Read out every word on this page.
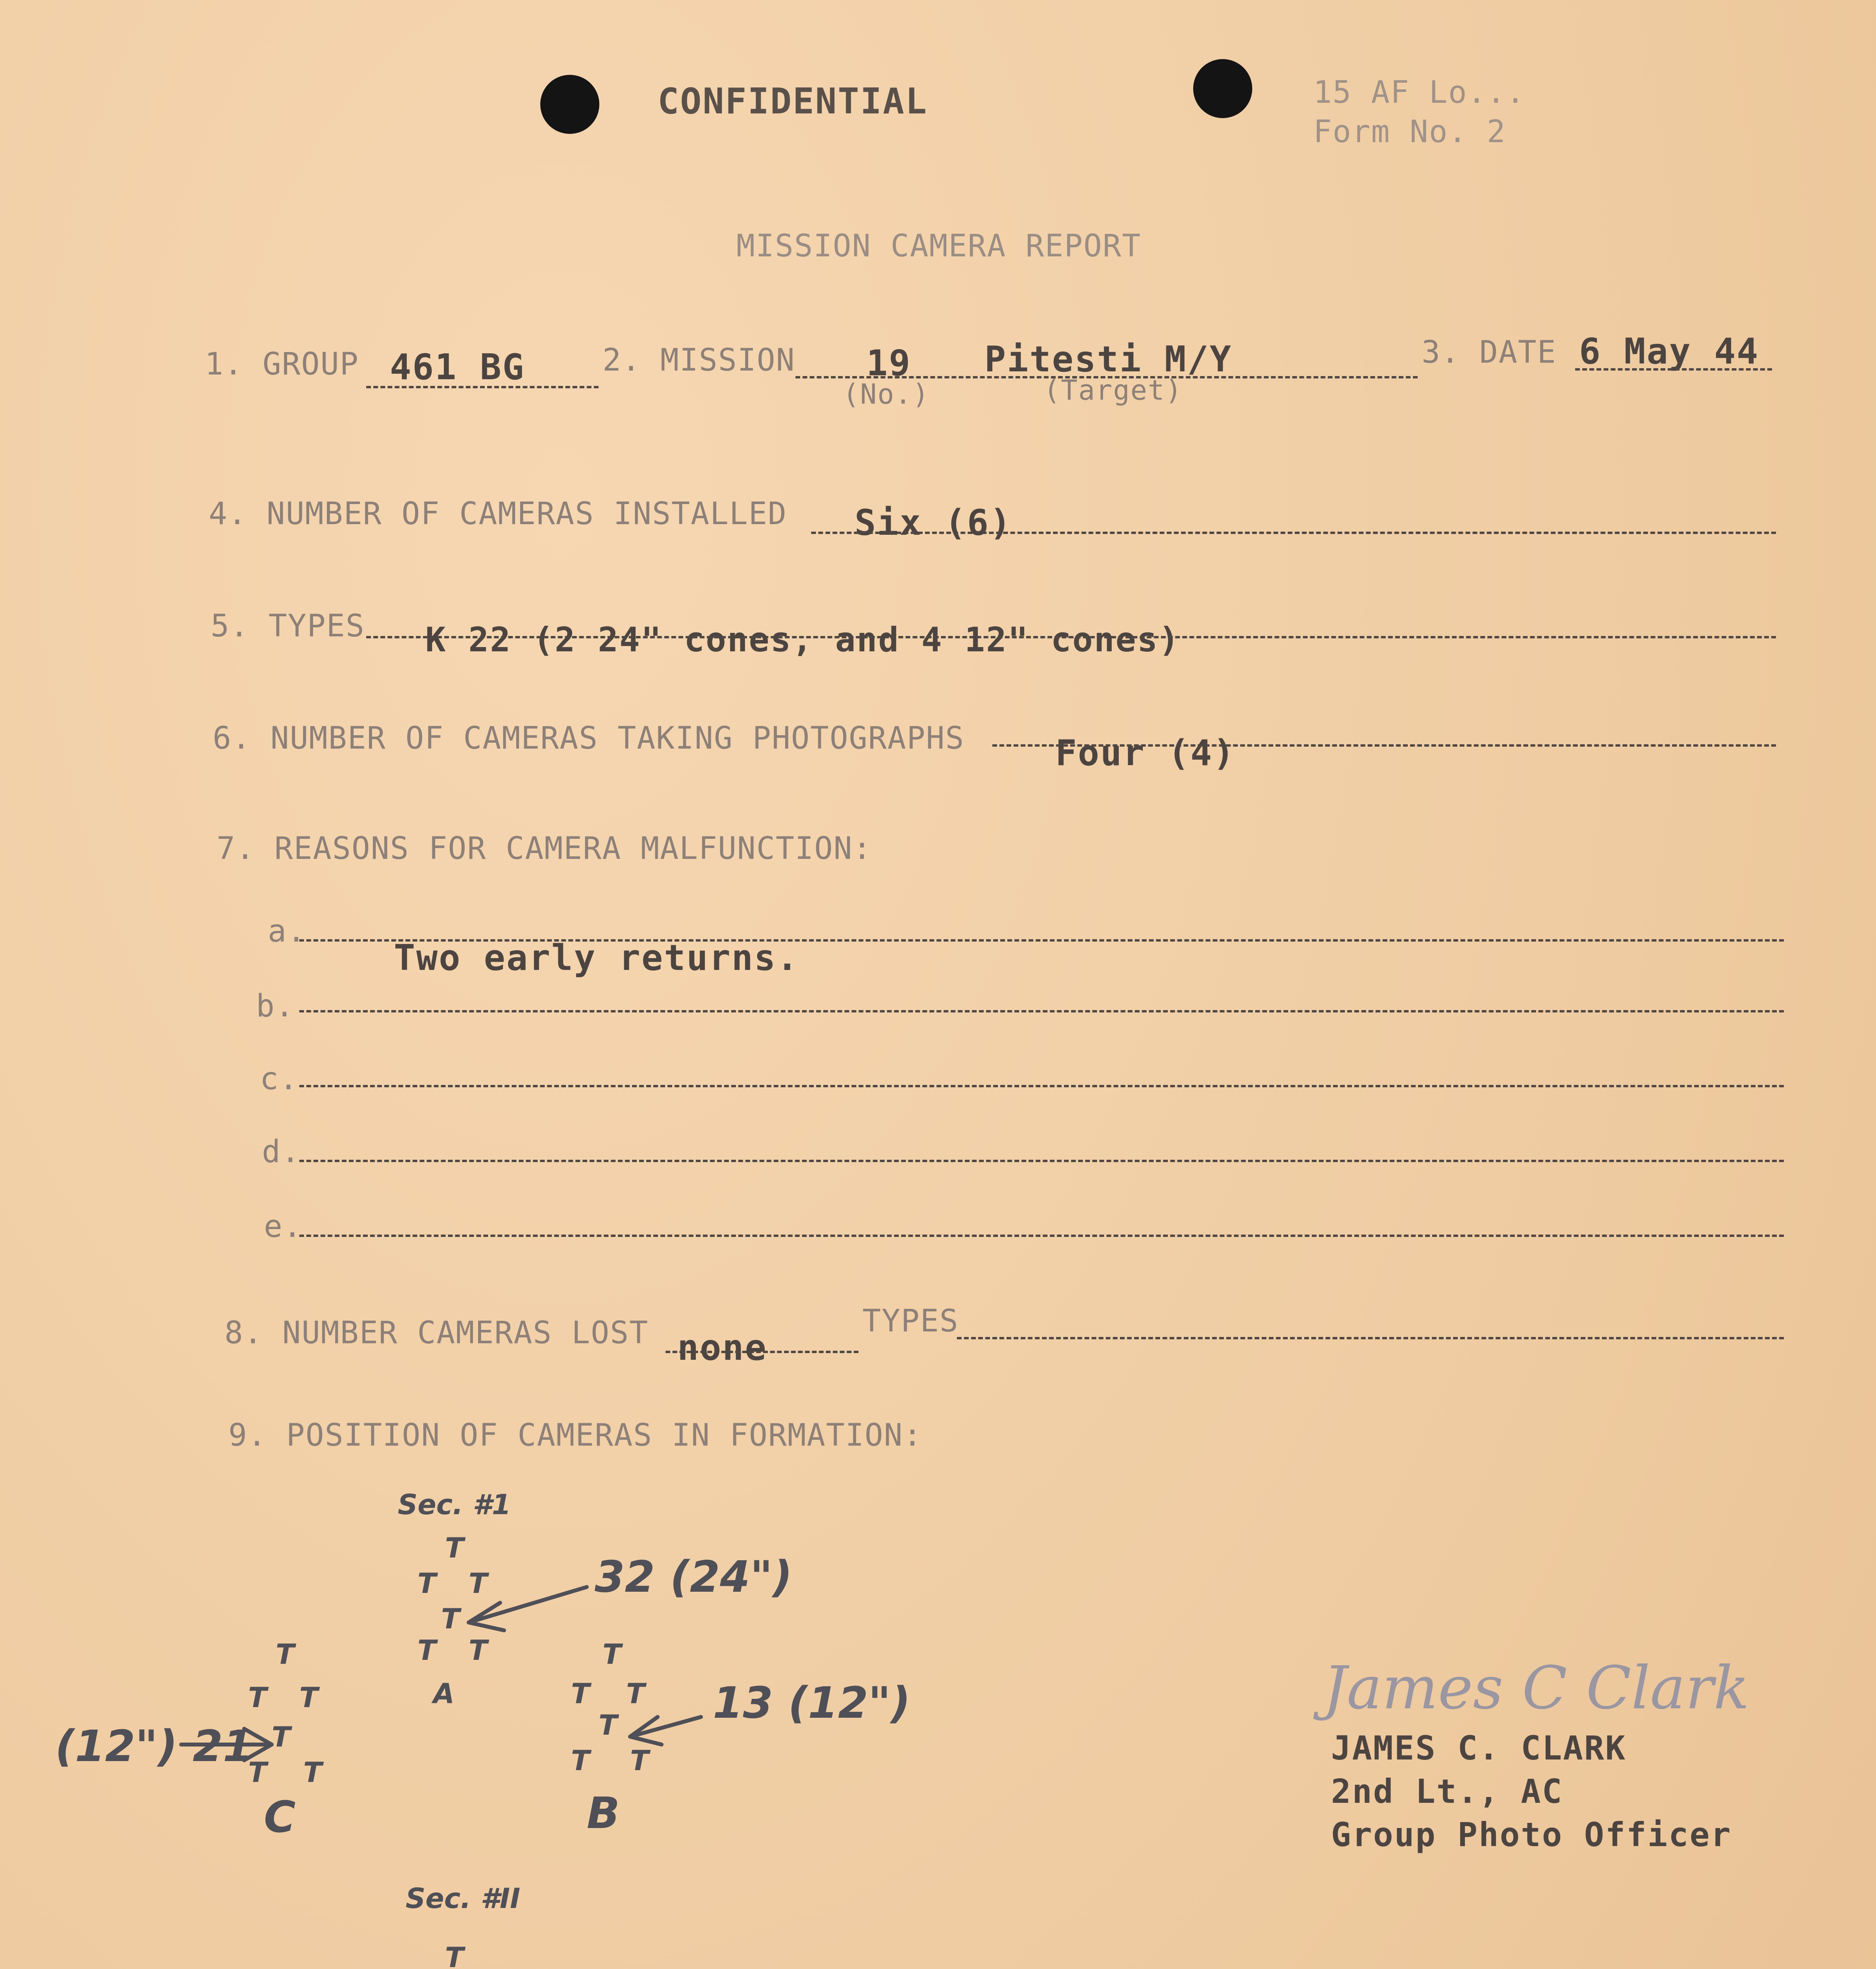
CONFIDENTIAL	15 AF Lo...
Form No. 2
MISSION CAMERA REPORT
1. GROUP 461 BG	2. MISSION 19
(No.)
Pitesti M/Y
(Target)
3. DATE 6 May 44
4. NUMBER OF CAMERAS INSTALLED Six (6)
5. TYPES K 22 (2 24" cones, and 4 12" cones)
6. NUMBER OF CAMERAS TAKING PHOTOGRAPHS	Four (4)
7. REASONS FOR CAMERA MALFUNCTION:
a.
Two early returns.
b.
c.
d.
e.
8. NUMBER CAMERAS LOST none
TYPES
9. POSITION OF CAMERAS IN FORMATION:
Sec. #1
T
T T
T
T T
A
32 (24")
T
T T
T
T T
B
13 (12")
T
T T
T
T T
C
(12") 21
Sec. #II
T
James C Clark
JAMES C. CLARK
2nd Lt., AC
Group Photo Officer
